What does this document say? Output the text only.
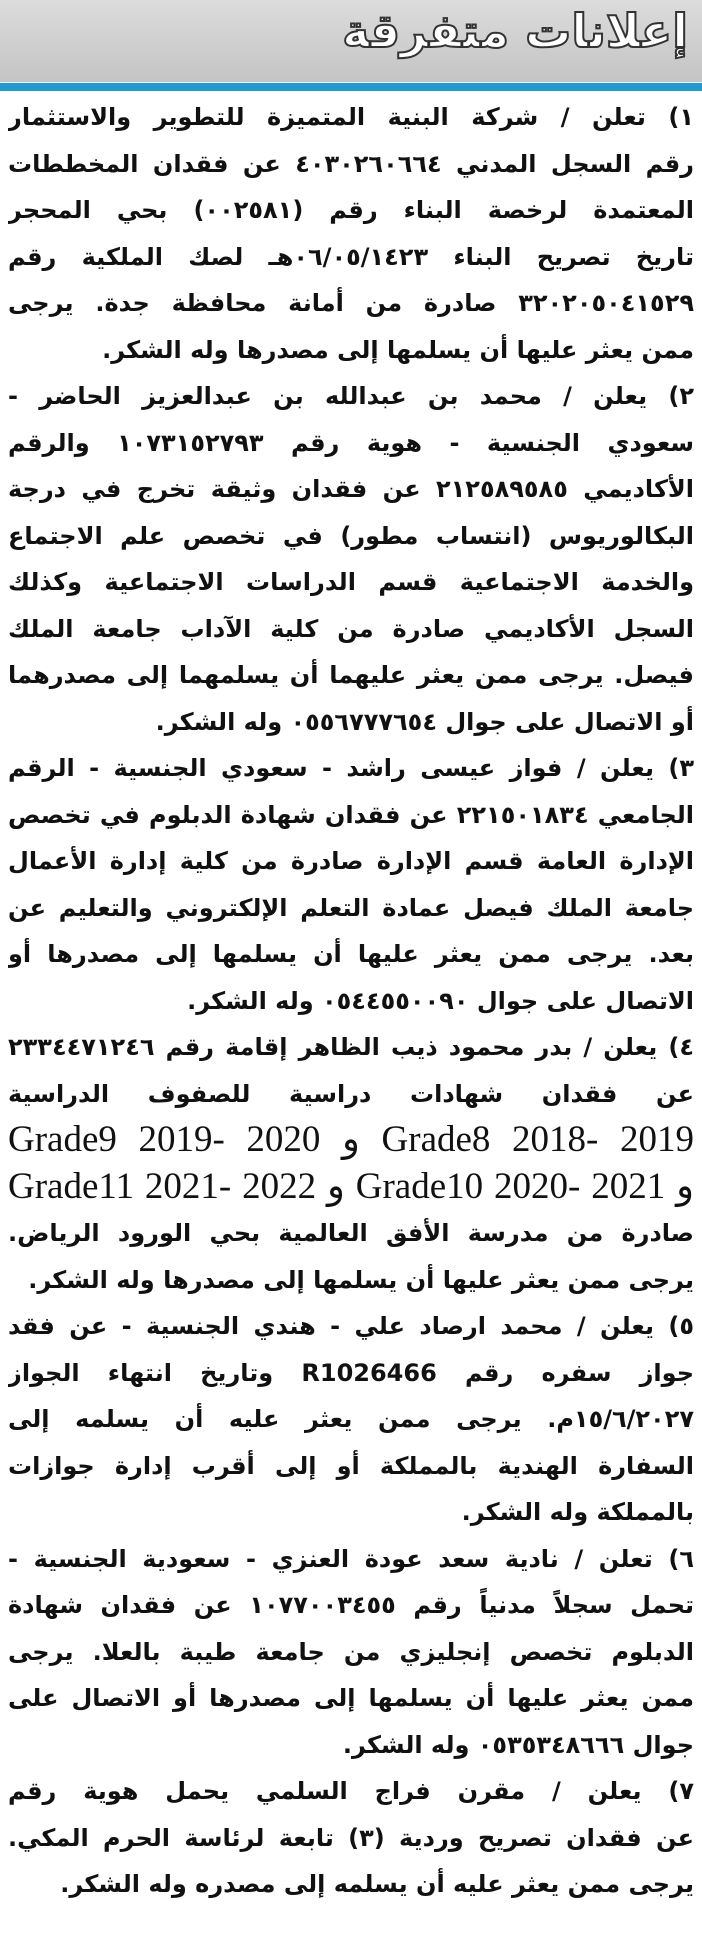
إعلانات متفرقة
١) تعلن / شركة البنية المتميزة للتطوير والاستثمار
رقم السجل المدني ٤٠٣٠٢٦٠٦٦٤ عن فقدان المخططات
المعتمدة لرخصة البناء رقم (٠٠٢٥٨١) بحي المحجر
تاريخ تصريح البناء ٠٦/٠٥/١٤٢٣هـ لصك الملكية رقم
٣٢٠٢٠٥٠٤١٥٢٩ صادرة من أمانة محافظة جدة. يرجى
ممن يعثر عليها أن يسلمها إلى مصدرها وله الشكر.
٢) يعلن / محمد بن عبدالله بن عبدالعزيز الحاضر -
سعودي الجنسية - هوية رقم ١٠٧٣١٥٢٧٩٣ والرقم
الأكاديمي ٢١٢٥٨٩٥٨٥ عن فقدان وثيقة تخرج في درجة
البكالوريوس (انتساب مطور) في تخصص علم الاجتماع
والخدمة الاجتماعية قسم الدراسات الاجتماعية وكذلك
السجل الأكاديمي صادرة من كلية الآداب جامعة الملك
فيصل. يرجى ممن يعثر عليهما أن يسلمهما إلى مصدرهما
أو الاتصال على جوال ٠٥٥٦٧٧٧٦٥٤ وله الشكر.
٣) يعلن / فواز عيسى راشد - سعودي الجنسية - الرقم
الجامعي ٢٢١٥٠١٨٣٤ عن فقدان شهادة الدبلوم في تخصص
الإدارة العامة قسم الإدارة صادرة من كلية إدارة الأعمال
جامعة الملك فيصل عمادة التعلم الإلكتروني والتعليم عن
بعد. يرجى ممن يعثر عليها أن يسلمها إلى مصدرها أو
الاتصال على جوال ٠٥٤٤٥٥٠٠٩٠ وله الشكر.
٤) يعلن / بدر محمود ذيب الظاهر إقامة رقم ٢٣٣٤٤٧١٢٤٦
عن فقدان شهادات دراسية للصفوف الدراسية
Grade8 2018- 2019 و Grade9 2019- 2020
و Grade10 2020- 2021 و Grade11 2021- 2022
صادرة من مدرسة الأفق العالمية بحي الورود الرياض.
يرجى ممن يعثر عليها أن يسلمها إلى مصدرها وله الشكر.
٥) يعلن / محمد ارصاد علي - هندي الجنسية - عن فقد
جواز سفره رقم R1026466 وتاريخ انتهاء الجواز
١٥/٦/٢٠٢٧م. يرجى ممن يعثر عليه أن يسلمه إلى
السفارة الهندية بالمملكة أو إلى أقرب إدارة جوازات
بالمملكة وله الشكر.
٦) تعلن / نادية سعد عودة العنزي - سعودية الجنسية -
تحمل سجلاً مدنياً رقم ١٠٧٧٠٠٣٤٥٥ عن فقدان شهادة
الدبلوم تخصص إنجليزي من جامعة طيبة بالعلا. يرجى
ممن يعثر عليها أن يسلمها إلى مصدرها أو الاتصال على
جوال ٠٥٣٥٣٤٨٦٦٦ وله الشكر.
٧) يعلن / مقرن فراج السلمي يحمل هوية رقم
عن فقدان تصريح وردية (٣) تابعة لرئاسة الحرم المكي.
يرجى ممن يعثر عليه أن يسلمه إلى مصدره وله الشكر.
